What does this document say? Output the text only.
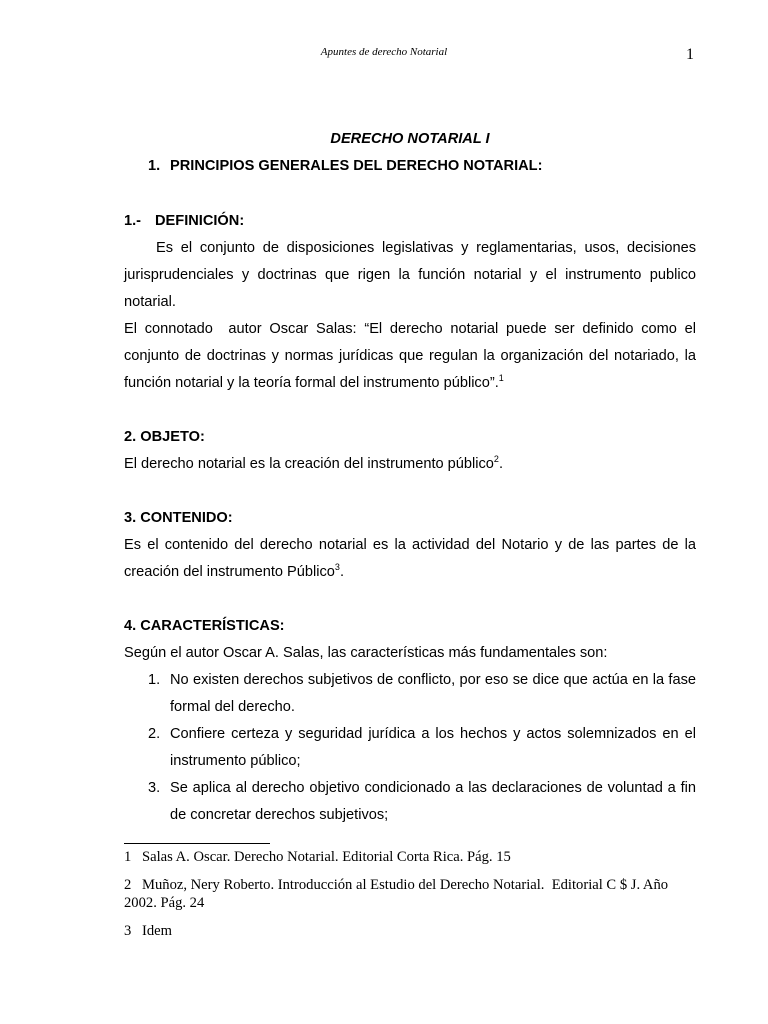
Apuntes de derecho Notarial	1
DERECHO NOTARIAL I
1. PRINCIPIOS GENERALES DEL DERECHO NOTARIAL:
1.- DEFINICIÓN:

Es el conjunto de disposiciones legislativas y reglamentarias, usos, decisiones jurisprudenciales y doctrinas que rigen la función notarial y el instrumento publico notarial.

El connotado  autor Oscar Salas: “El derecho notarial puede ser definido como el conjunto de doctrinas y normas jurídicas que regulan la organización del notariado, la función notarial y la teoría formal del instrumento público”.$^1$

2. OBJETO:

El derecho notarial es la creación del instrumento público$^2$.

3. CONTENIDO:

Es el contenido del derecho notarial es la actividad del Notario y de las partes de la creación del instrumento Público$^3$.

4. CARACTERÍSTICAS:

Según el autor Oscar A. Salas, las características más fundamentales son:

1. No existen derechos subjetivos de conflicto, por eso se dice que actúa en la fase formal del derecho.
2. Confiere certeza y seguridad jurídica a los hechos y actos solemnizados en el instrumento público;
3. Se aplica al derecho objetivo condicionado a las declaraciones de voluntad a fin de concretar derechos subjetivos;

1 Salas A. Oscar. Derecho Notarial. Editorial Corta Rica. Pág. 15

2 Muñoz, Nery Roberto. Introducción al Estudio del Derecho Notarial.  Editorial C $ J. Año 2002. Pág. 24

3 Idem
